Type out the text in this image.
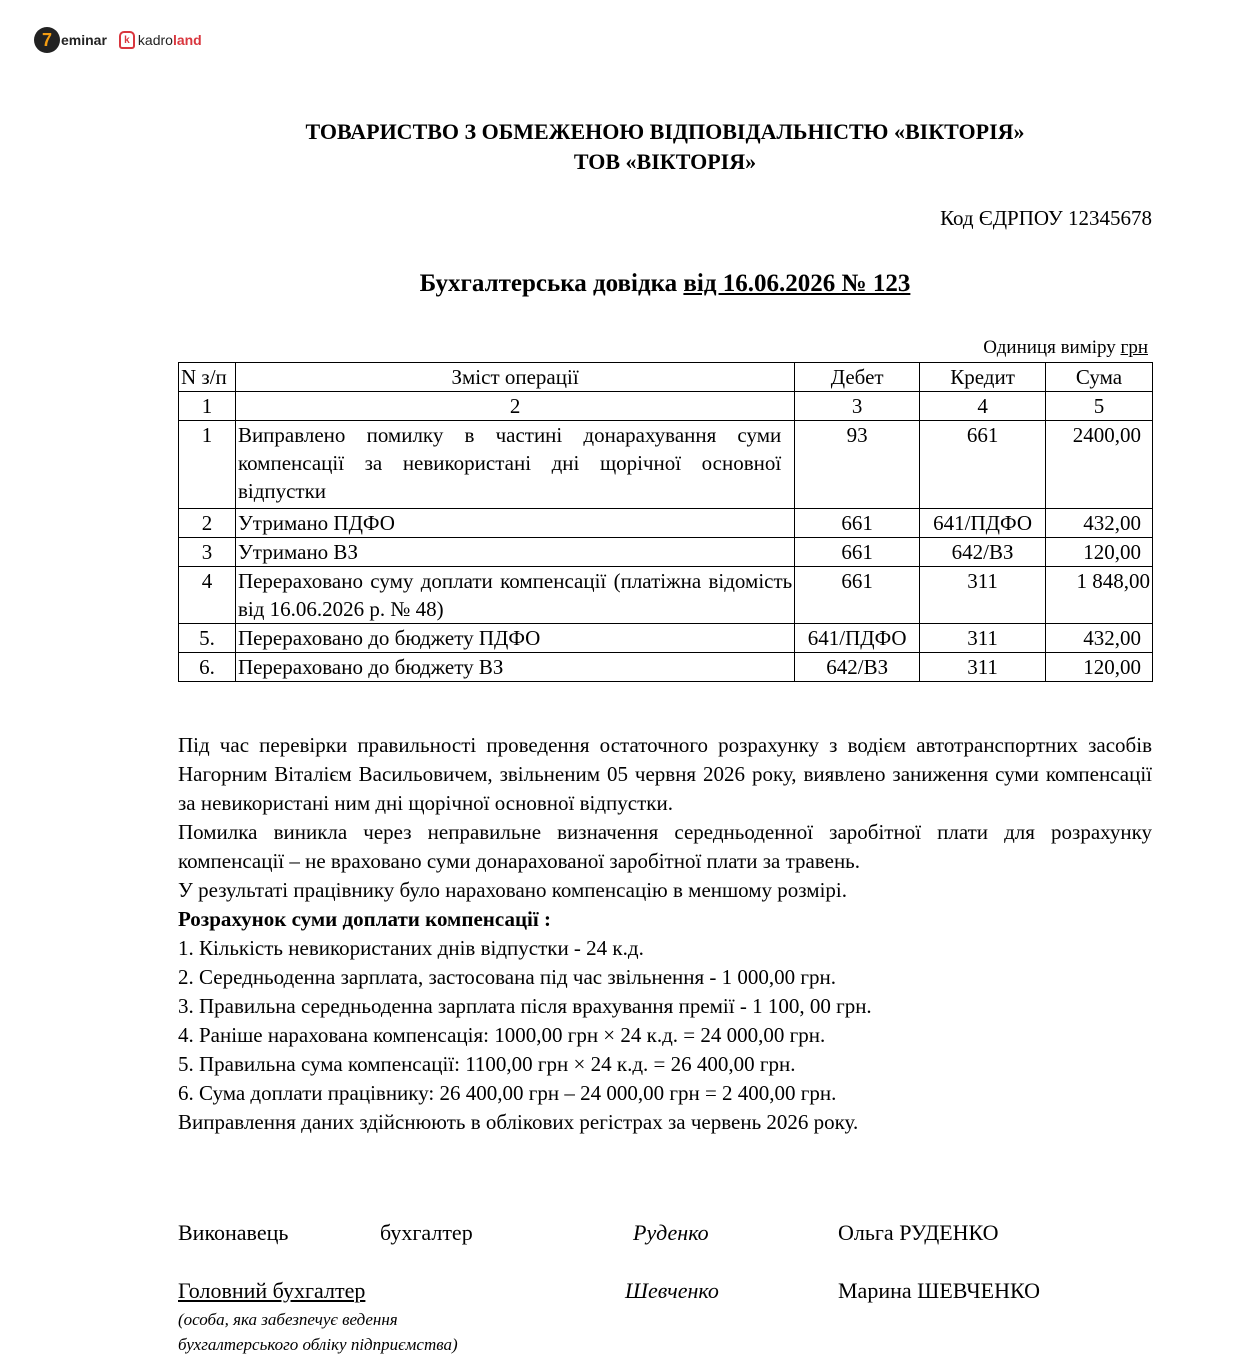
7 eminar	k kadroland
ТОВАРИСТВО З ОБМЕЖЕНОЮ ВІДПОВІДАЛЬНІСТЮ «ВІКТОРІЯ»
ТОВ «ВІКТОРІЯ»
Код ЄДРПОУ 12345678
Бухгалтерська довідка від 16.06.2026 № 123
Одиниця виміру грн
N з/п	Зміст операції	Дебет	Кредит	Сума
1	2	3	4	5
1	Виправлено помилку в частині донарахування суми компенсації за невикористані дні щорічної основної відпустки	93	661	2400,00
2	Утримано ПДФО	661	641/ПДФО	432,00
3	Утримано ВЗ	661	642/ВЗ	120,00
4	Перераховано суму доплати компенсації (платіжна відомість від 16.06.2026 р. № 48)	661	311	1 848,00
5.	Перераховано до бюджету ПДФО	641/ПДФО	311	432,00
6.	Перераховано до бюджету ВЗ	642/ВЗ	311	120,00

Під час перевірки правильності проведення остаточного розрахунку з водієм автотранспортних засобів Нагорним Віталієм Васильовичем, звільненим 05 червня 2026 року, виявлено заниження суми компенсації за невикористані ним дні щорічної основної відпустки.

Помилка виникла через неправильне визначення середньоденної заробітної плати для розрахунку компенсації – не враховано суми донарахованої заробітної плати за травень.

У результаті працівнику було нараховано компенсацію в меншому розмірі.

Розрахунок суми доплати компенсації :

1. Кількість невикористаних днів відпустки - 24 к.д.

2. Середньоденна зарплата, застосована під час звільнення - 1 000,00 грн.

3. Правильна середньоденна зарплата після врахування премії - 1 100, 00 грн.

4. Раніше нарахована компенсація: 1000,00 грн × 24 к.д. = 24 000,00 грн.

5. Правильна сума компенсації: 1100,00 грн × 24 к.д. = 26 400,00 грн.

6. Сума доплати працівнику: 26 400,00 грн – 24 000,00 грн = 2 400,00 грн.

Виправлення даних здійснюють в облікових регістрах за червень 2026 року.

Виконавець	бухгалтер	Руденко	Ольга РУДЕНКО
Головний бухгалтер	Шевченко	Марина ШЕВЧЕНКО
(особа, яка забезпечує ведення
бухгалтерського обліку підприємства)
